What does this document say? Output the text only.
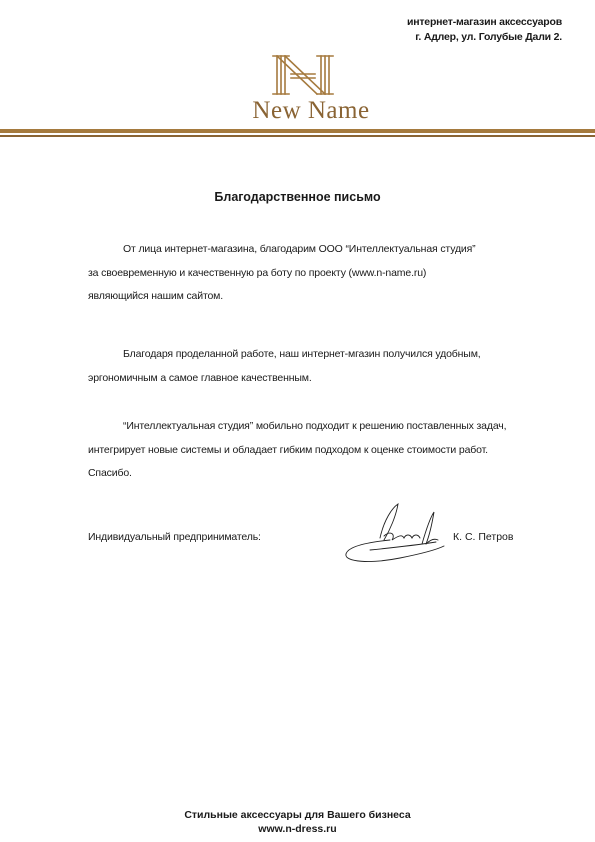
интернет-магазин аксессуаров
г. Адлер, ул. Голубые Дали 2.
New Name
Благодарственное письмо
От лица интернет-магазина, благодарим ООО “Интеллектуальная студия”
за своевременную и качественную ра боту по проекту (www.n-name.ru)
являющийся нашим сайтом.
Благодаря проделанной работе, наш интернет-мгазин получился удобным,
эргономичным а самое главное качественным.
“Интеллектуальная студия” мобильно подходит к решению поставленных задач,
интегрирует новые системы и обладает гибким подходом к оценке стоимости работ.
Спасибо.
Индивидуальный предприниматель:	К. С. Петров
Стильные аксессуары для Вашего бизнеса
www.n-dress.ru
